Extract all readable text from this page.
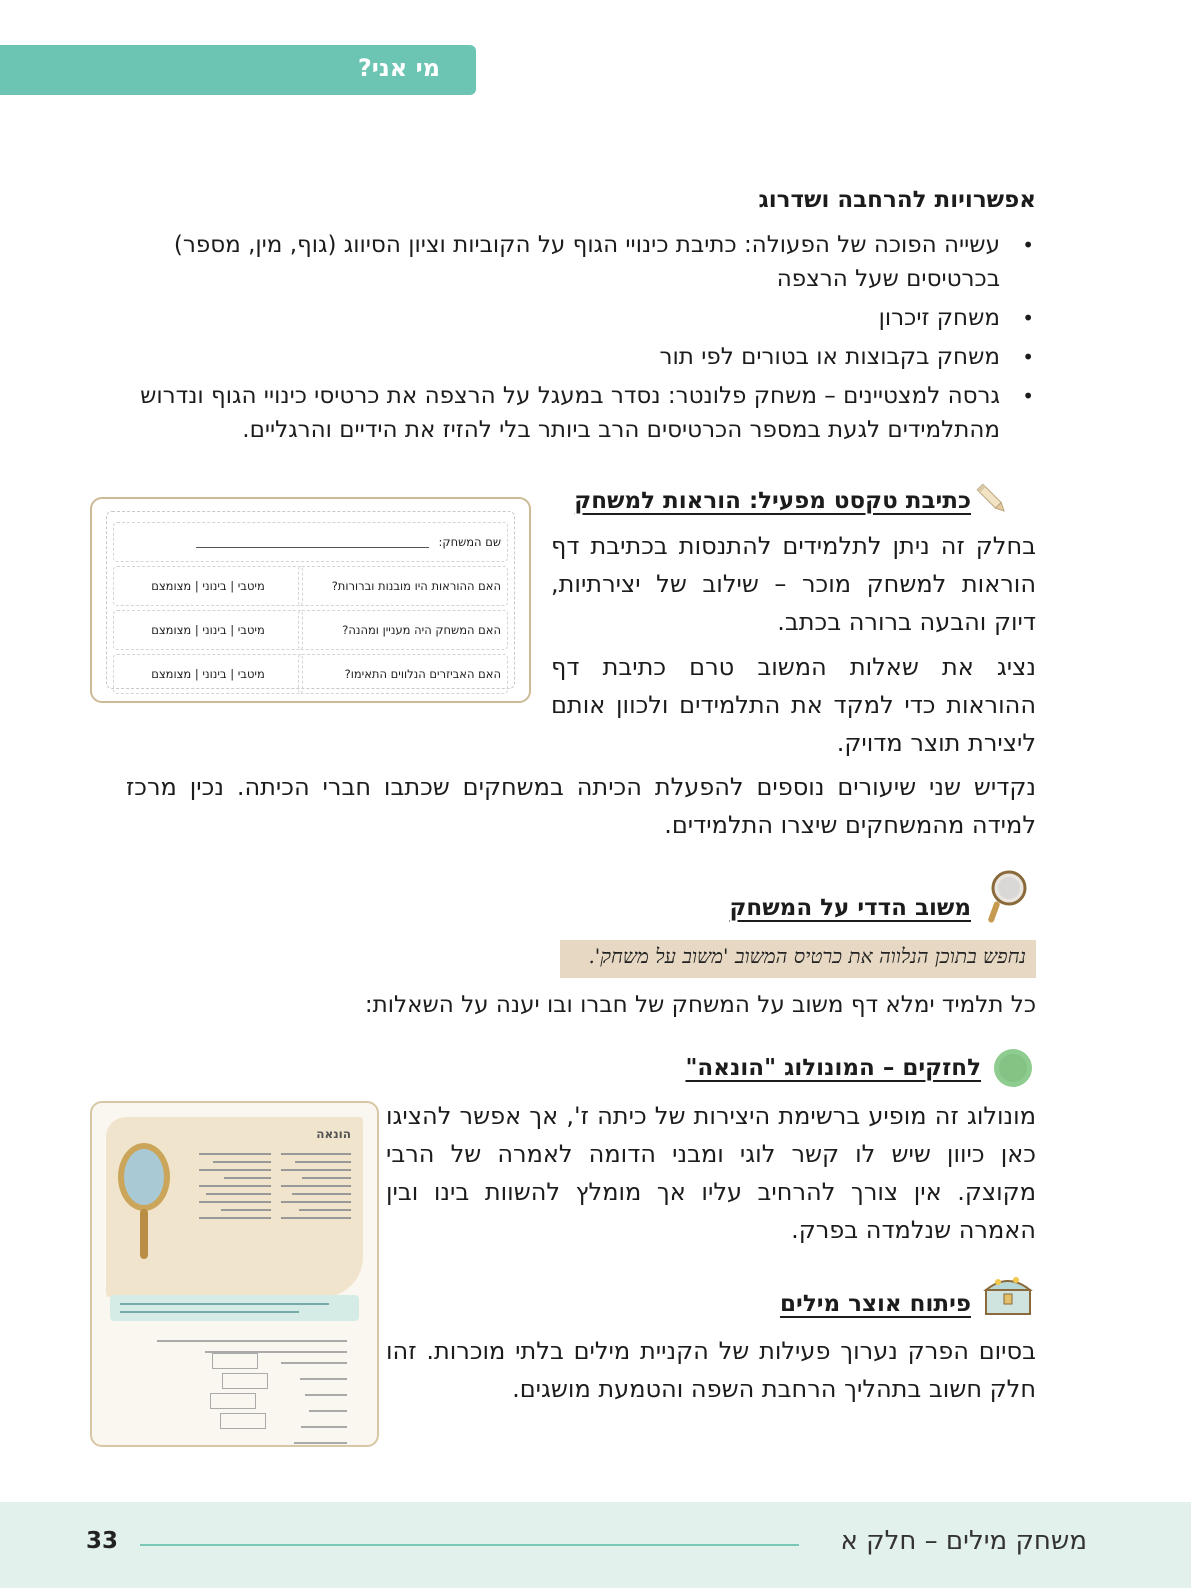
מי אני?
אפשרויות להרחבה ושדרוג
• עשייה הפוכה של הפעולה: כתיבת כינויי הגוף על הקוביות וציון הסיווג (גוף, מין, מספר) בכרטיסים שעל הרצפה
• משחק זיכרון
• משחק בקבוצות או בטורים לפי תור
• גרסה למצטיינים – משחק פלונטר: נסדר במעגל על הרצפה את כרטיסי כינויי הגוף ונדרוש מהתלמידים לגעת במספר הכרטיסים הרב ביותר בלי להזיז את הידיים והרגליים.
כתיבת טקסט מפעיל: הוראות למשחק

בחלק זה ניתן לתלמידים להתנסות בכתיבת דף הוראות למשחק מוכר – שילוב של יצירתיות, דיוק והבעה ברורה בכתב.

נציג את שאלות המשוב טרם כתיבת דף ההוראות כדי למקד את התלמידים ולכוון אותם ליצירת תוצר מדויק.

נקדיש שני שיעורים נוספים להפעלת הכיתה במשחקים שכתבו חברי הכיתה. נכין מרכז למידה מהמשחקים שיצרו התלמידים.

שם המשחק:
האם ההוראות היו מובנות וברורות?
מיטבי | בינוני | מצומצם
האם המשחק היה מעניין ומהנה?
מיטבי | בינוני | מצומצם
האם האביזרים הנלווים התאימו?
מיטבי | בינוני | מצומצם
משוב הדדי על המשחק
נחפש בתוכן הנלווה את כרטיס המשוב 'משוב על משחק'.

כל תלמיד ימלא דף משוב על המשחק של חברו ובו יענה על השאלות:

לחזקים – המונולוג "הונאה"

מונולוג זה מופיע ברשימת היצירות של כיתה ז', אך אפשר להציגו כאן כיוון שיש לו קשר לוגי ומבני הדומה לאמרה של הרבי מקוצק. אין צורך להרחיב עליו אך מומלץ להשוות בינו ובין האמרה שנלמדה בפרק.

פיתוח אוצר מילים

בסיום הפרק נערוך פעילות של הקניית מילים בלתי מוכרות. זהו חלק חשוב בתהליך הרחבת השפה והטמעת מושגים.

הונאה
משחק מילים – חלק א
33
